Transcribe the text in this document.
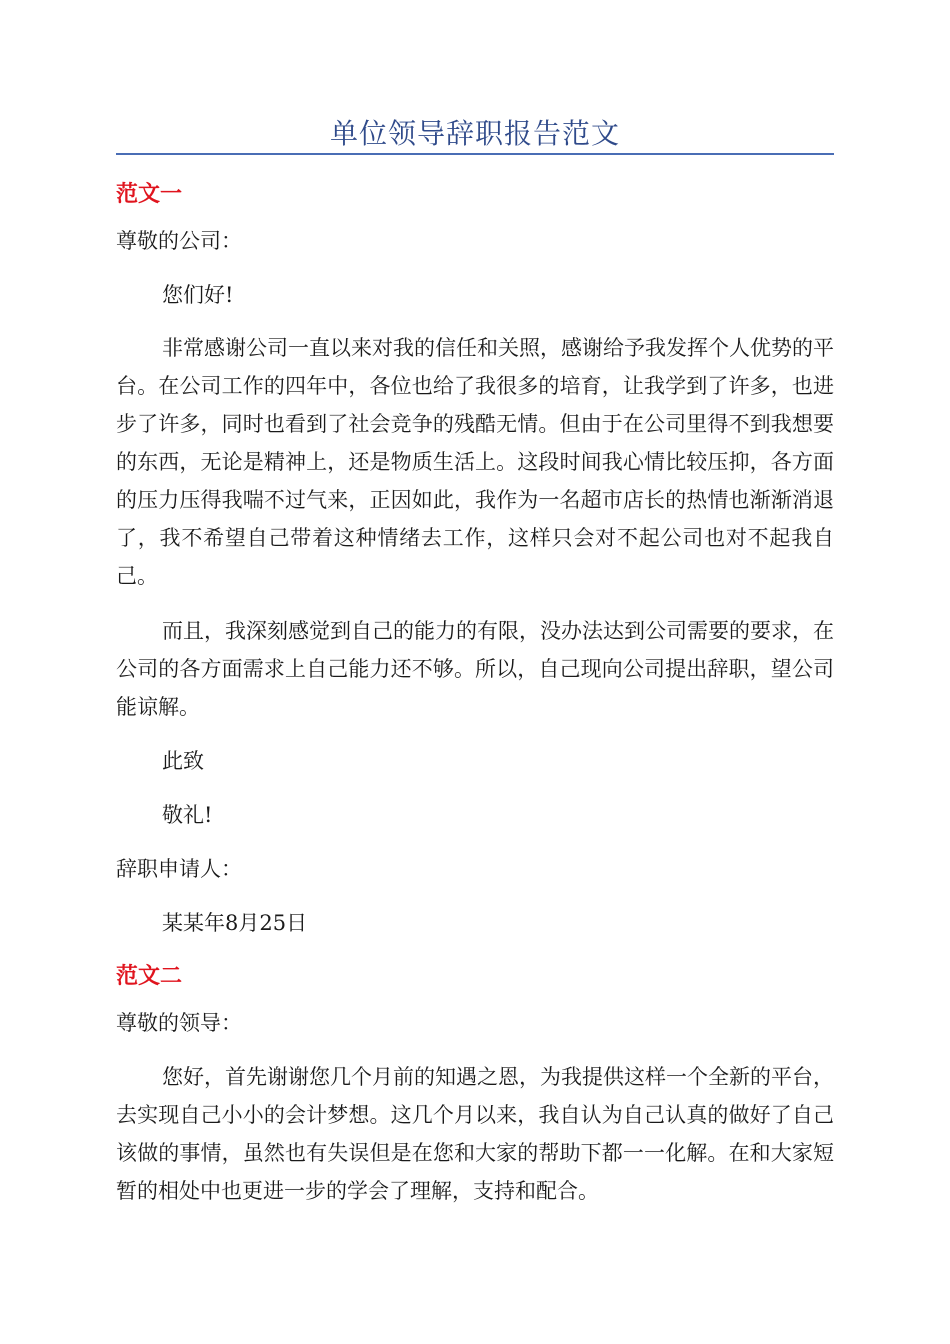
单位领导辞职报告范文
范文一
尊敬的公司：
您们好!
非常感谢公司一直以来对我的信任和关照，感谢给予我发挥个人优势的平台。在公司工作的四年中，各位也给了我很多的培育，让我学到了许多，也进步了许多，同时也看到了社会竞争的残酷无情。但由于在公司里得不到我想要的东西，无论是精神上，还是物质生活上。这段时间我心情比较压抑，各方面的压力压得我喘不过气来，正因如此，我作为一名超市店长的热情也渐渐消退了，我不希望自己带着这种情绪去工作，这样只会对不起公司也对不起我自己。
而且，我深刻感觉到自己的能力的有限，没办法达到公司需要的要求，在公司的各方面需求上自己能力还不够。所以，自己现向公司提出辞职，望公司能谅解。
此致
敬礼!
辞职申请人：
某某年8月25日
范文二
尊敬的领导：
您好，首先谢谢您几个月前的知遇之恩，为我提供这样一个全新的平台，去实现自己小小的会计梦想。这几个月以来，我自认为自己认真的做好了自己该做的事情，虽然也有失误但是在您和大家的帮助下都一一化解。在和大家短暂的相处中也更进一步的学会了理解，支持和配合。
